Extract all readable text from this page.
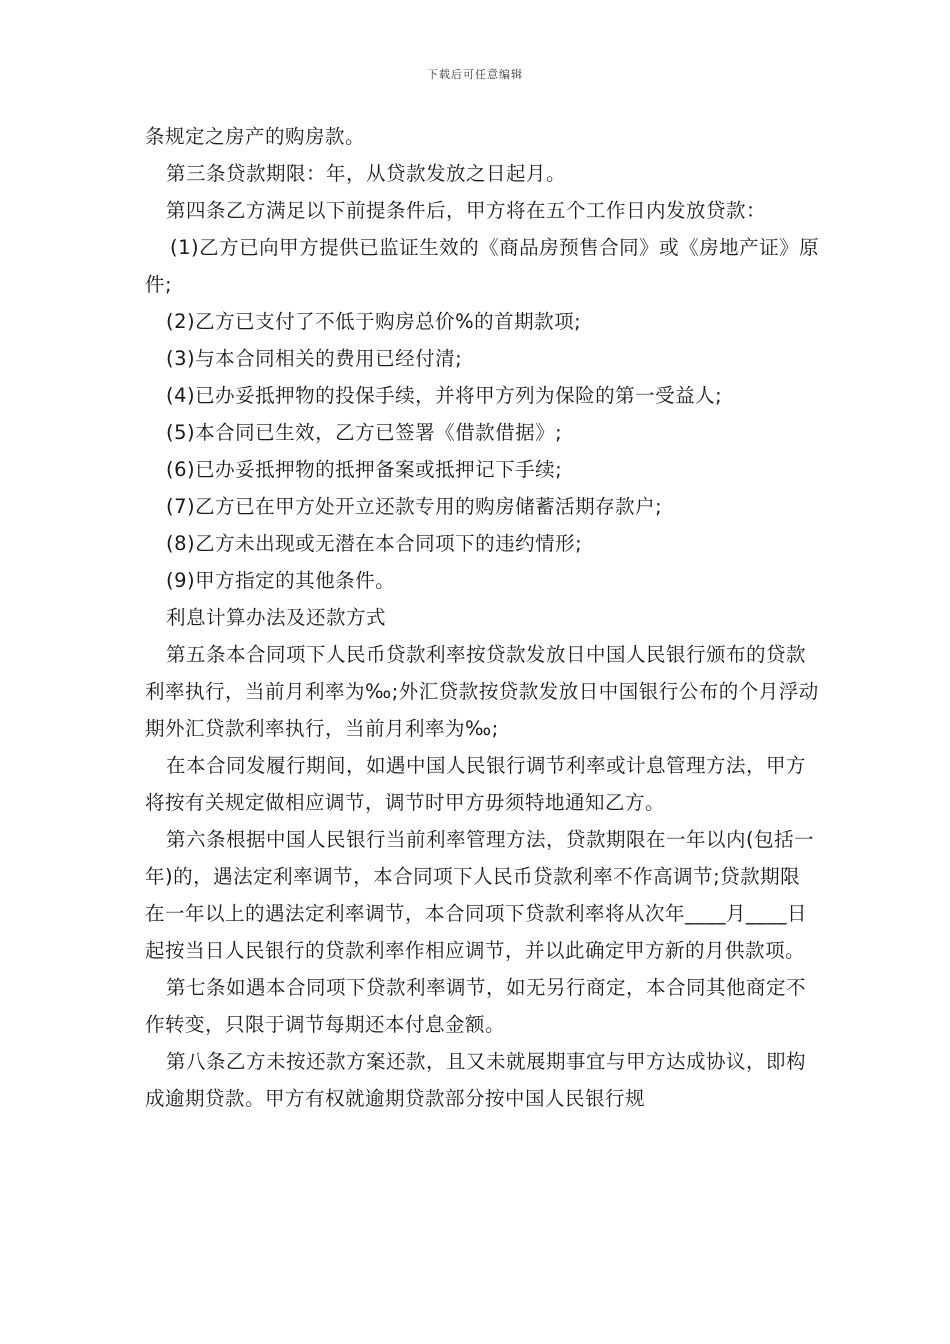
下载后可任意编辑

条规定之房产的购房款。

第三条贷款期限：年，从贷款发放之日起月。

第四条乙方满足以下前提条件后，甲方将在五个工作日内发放贷款：

(1)乙方已向甲方提供已监证生效的《商品房预售合同》或《房地产证》原件;

(2)乙方已支付了不低于购房总价%的首期款项;

(3)与本合同相关的费用已经付清;

(4)已办妥抵押物的投保手续，并将甲方列为保险的第一受益人;

(5)本合同已生效，乙方已签署《借款借据》;

(6)已办妥抵押物的抵押备案或抵押记下手续;

(7)乙方已在甲方处开立还款专用的购房储蓄活期存款户;

(8)乙方未出现或无潜在本合同项下的违约情形;

(9)甲方指定的其他条件。

利息计算办法及还款方式

第五条本合同项下人民币贷款利率按贷款发放日中国人民银行颁布的贷款利率执行，当前月利率为‰;外汇贷款按贷款发放日中国银行公布的个月浮动期外汇贷款利率执行，当前月利率为‰;

在本合同发履行期间，如遇中国人民银行调节利率或计息管理方法，甲方将按有关规定做相应调节，调节时甲方毋须特地通知乙方。

第六条根据中国人民银行当前利率管理方法，贷款期限在一年以内(包括一年)的，遇法定利率调节，本合同项下人民币贷款利率不作高调节;贷款期限在一年以上的遇法定利率调节，本合同项下贷款利率将从次年____月____日起按当日人民银行的贷款利率作相应调节，并以此确定甲方新的月供款项。

第七条如遇本合同项下贷款利率调节，如无另行商定，本合同其他商定不作转变，只限于调节每期还本付息金额。

第八条乙方未按还款方案还款，且又未就展期事宜与甲方达成协议，即构成逾期贷款。甲方有权就逾期贷款部分按中国人民银行规
